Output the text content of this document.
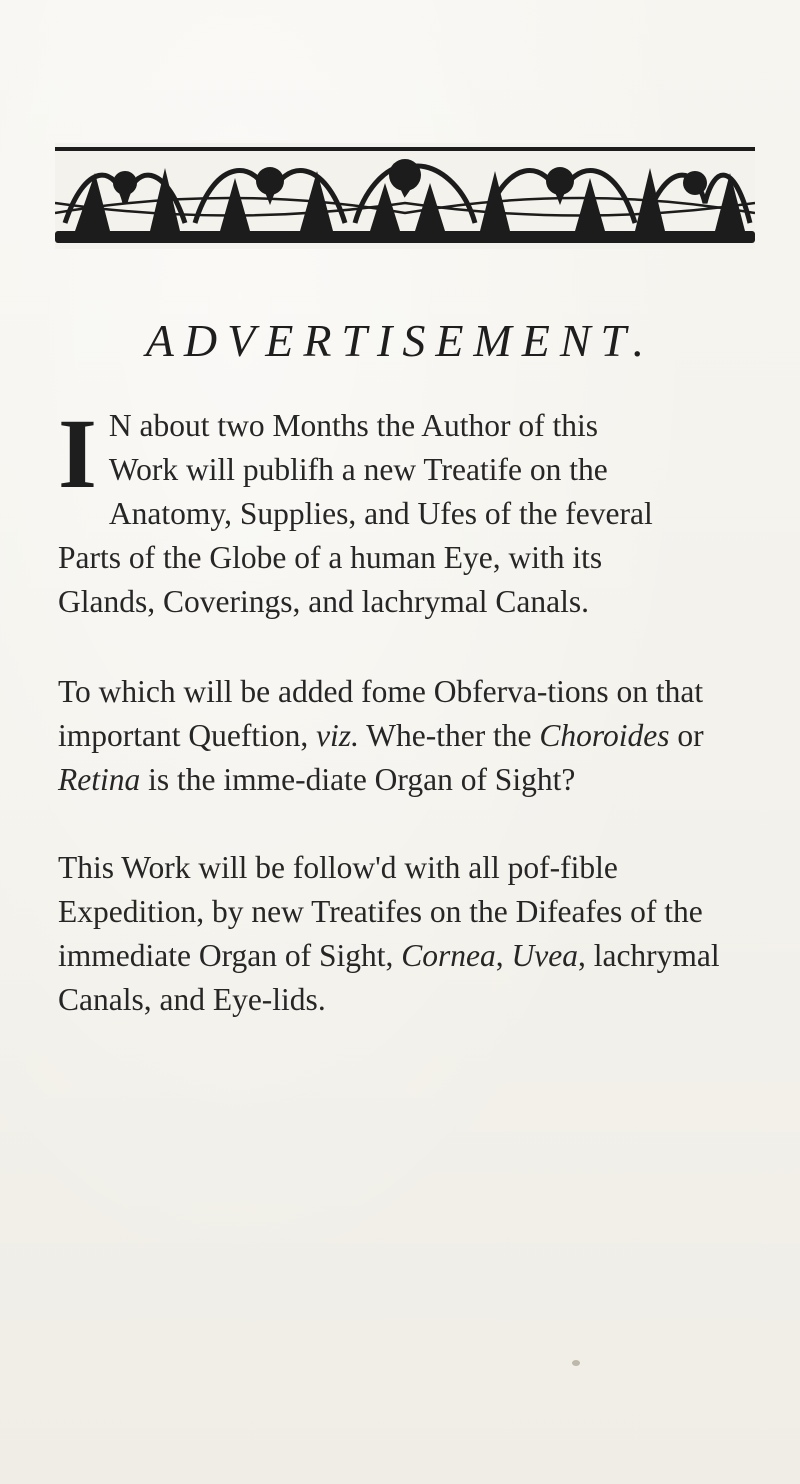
ADVERTISEMENT.

I N about two Months the Author of this
Work will publifh a new Treatife on the
Anatomy, Supplies, and Ufes of the feveral
Parts of the Globe of a human Eye, with its
Glands, Coverings, and lachrymal Canals.

To which will be added fome Obferva-tions on that important Queftion, viz. Whe-ther the Choroides or Retina is the imme-diate Organ of Sight?

This Work will be follow'd with all pof-fible Expedition, by new Treatifes on the Difeafes of the immediate Organ of Sight, Cornea, Uvea, lachrymal Canals, and Eye-lids.
